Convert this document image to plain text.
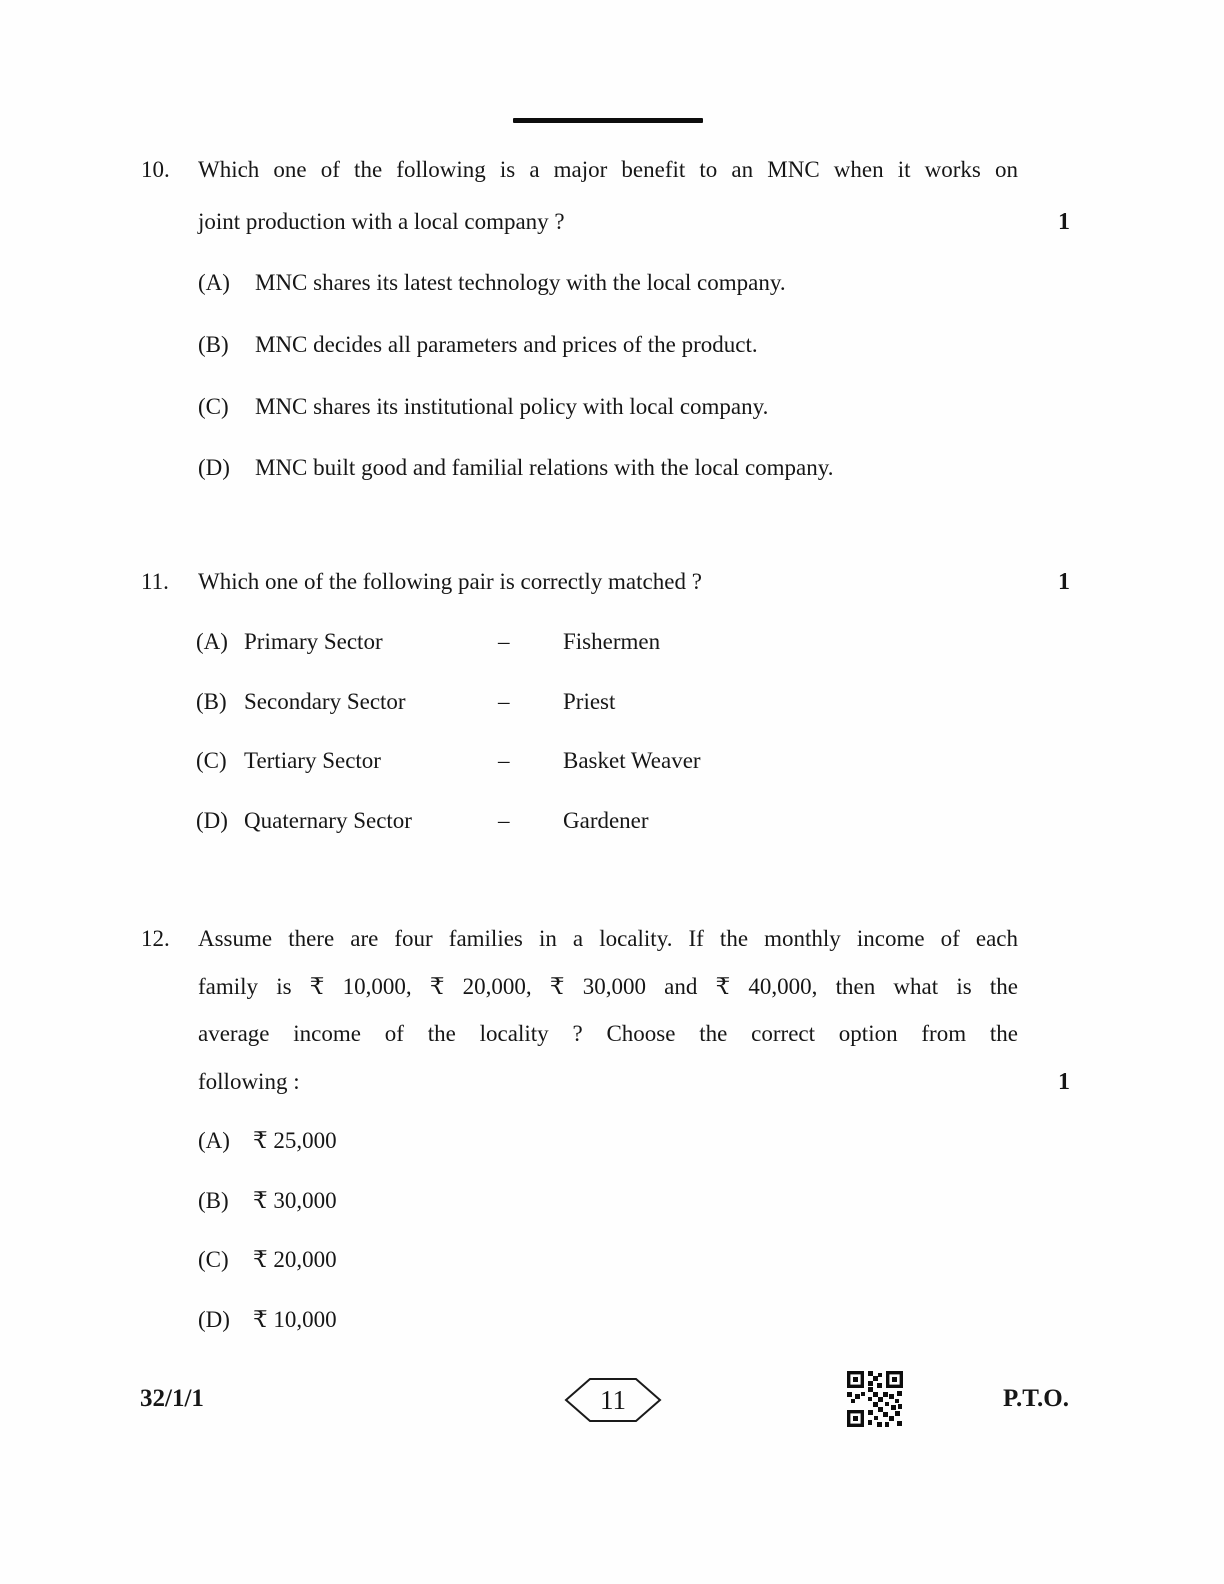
10. Which one of the following is a major benefit to an MNC when it works on
joint production with a local company ?	1
(A) MNC shares its latest technology with the local company.
(B) MNC decides all parameters and prices of the product.
(C) MNC shares its institutional policy with local company.
(D) MNC built good and familial relations with the local company.
11. Which one of the following pair is correctly matched ?	1
(A) Primary Sector	– Fishermen
(B) Secondary Sector	– Priest
(C) Tertiary Sector	– Basket Weaver
(D) Quaternary Sector	– Gardener
12. Assume there are four families in a locality. If the monthly income of each
family is ₹ 10,000, ₹ 20,000, ₹ 30,000 and ₹ 40,000, then what is the
average income of the locality ? Choose the correct option from the
following :	1
(A) ₹ 25,000
(B) ₹ 30,000
(C) ₹ 20,000
(D) ₹ 10,000
32/1/1	11	P.T.O.
